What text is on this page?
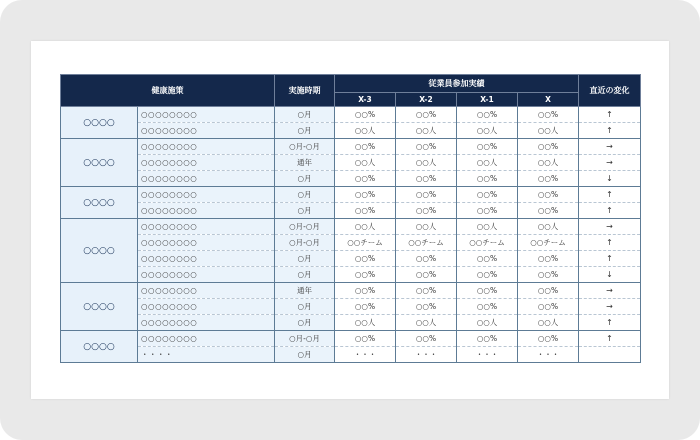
健康施策		実施時期	従業員参加実績				直近の変化
			X-3	X-2	X-1	X	
○○○○	○○○○○○○○	○月	○○%	○○%	○○%	○○%	↑
	○○○○○○○○	○月	○○人	○○人	○○人	○○人	↑
○○○○	○○○○○○○○	○月-○月	○○%	○○%	○○%	○○%	→
	○○○○○○○○	通年	○○人	○○人	○○人	○○人	→
	○○○○○○○○	○月	○○%	○○%	○○%	○○%	↓
○○○○	○○○○○○○○	○月	○○%	○○%	○○%	○○%	↑
	○○○○○○○○	○月	○○%	○○%	○○%	○○%	↑
○○○○	○○○○○○○○	○月-○月	○○人	○○人	○○人	○○人	→
	○○○○○○○○	○月-○月	○○チーム	○○チーム	○○チーム	○○チーム	↑
	○○○○○○○○	○月	○○%	○○%	○○%	○○%	↑
	○○○○○○○○	○月	○○%	○○%	○○%	○○%	↓
○○○○	○○○○○○○○	通年	○○%	○○%	○○%	○○%	→
	○○○○○○○○	○月	○○%	○○%	○○%	○○%	→
	○○○○○○○○	○月	○○人	○○人	○○人	○○人	↑
○○○○	○○○○○○○○	○月-○月	○○%	○○%	○○%	○○%	↑
	・・・・	○月	・・・	・・・	・・・	・・・	
